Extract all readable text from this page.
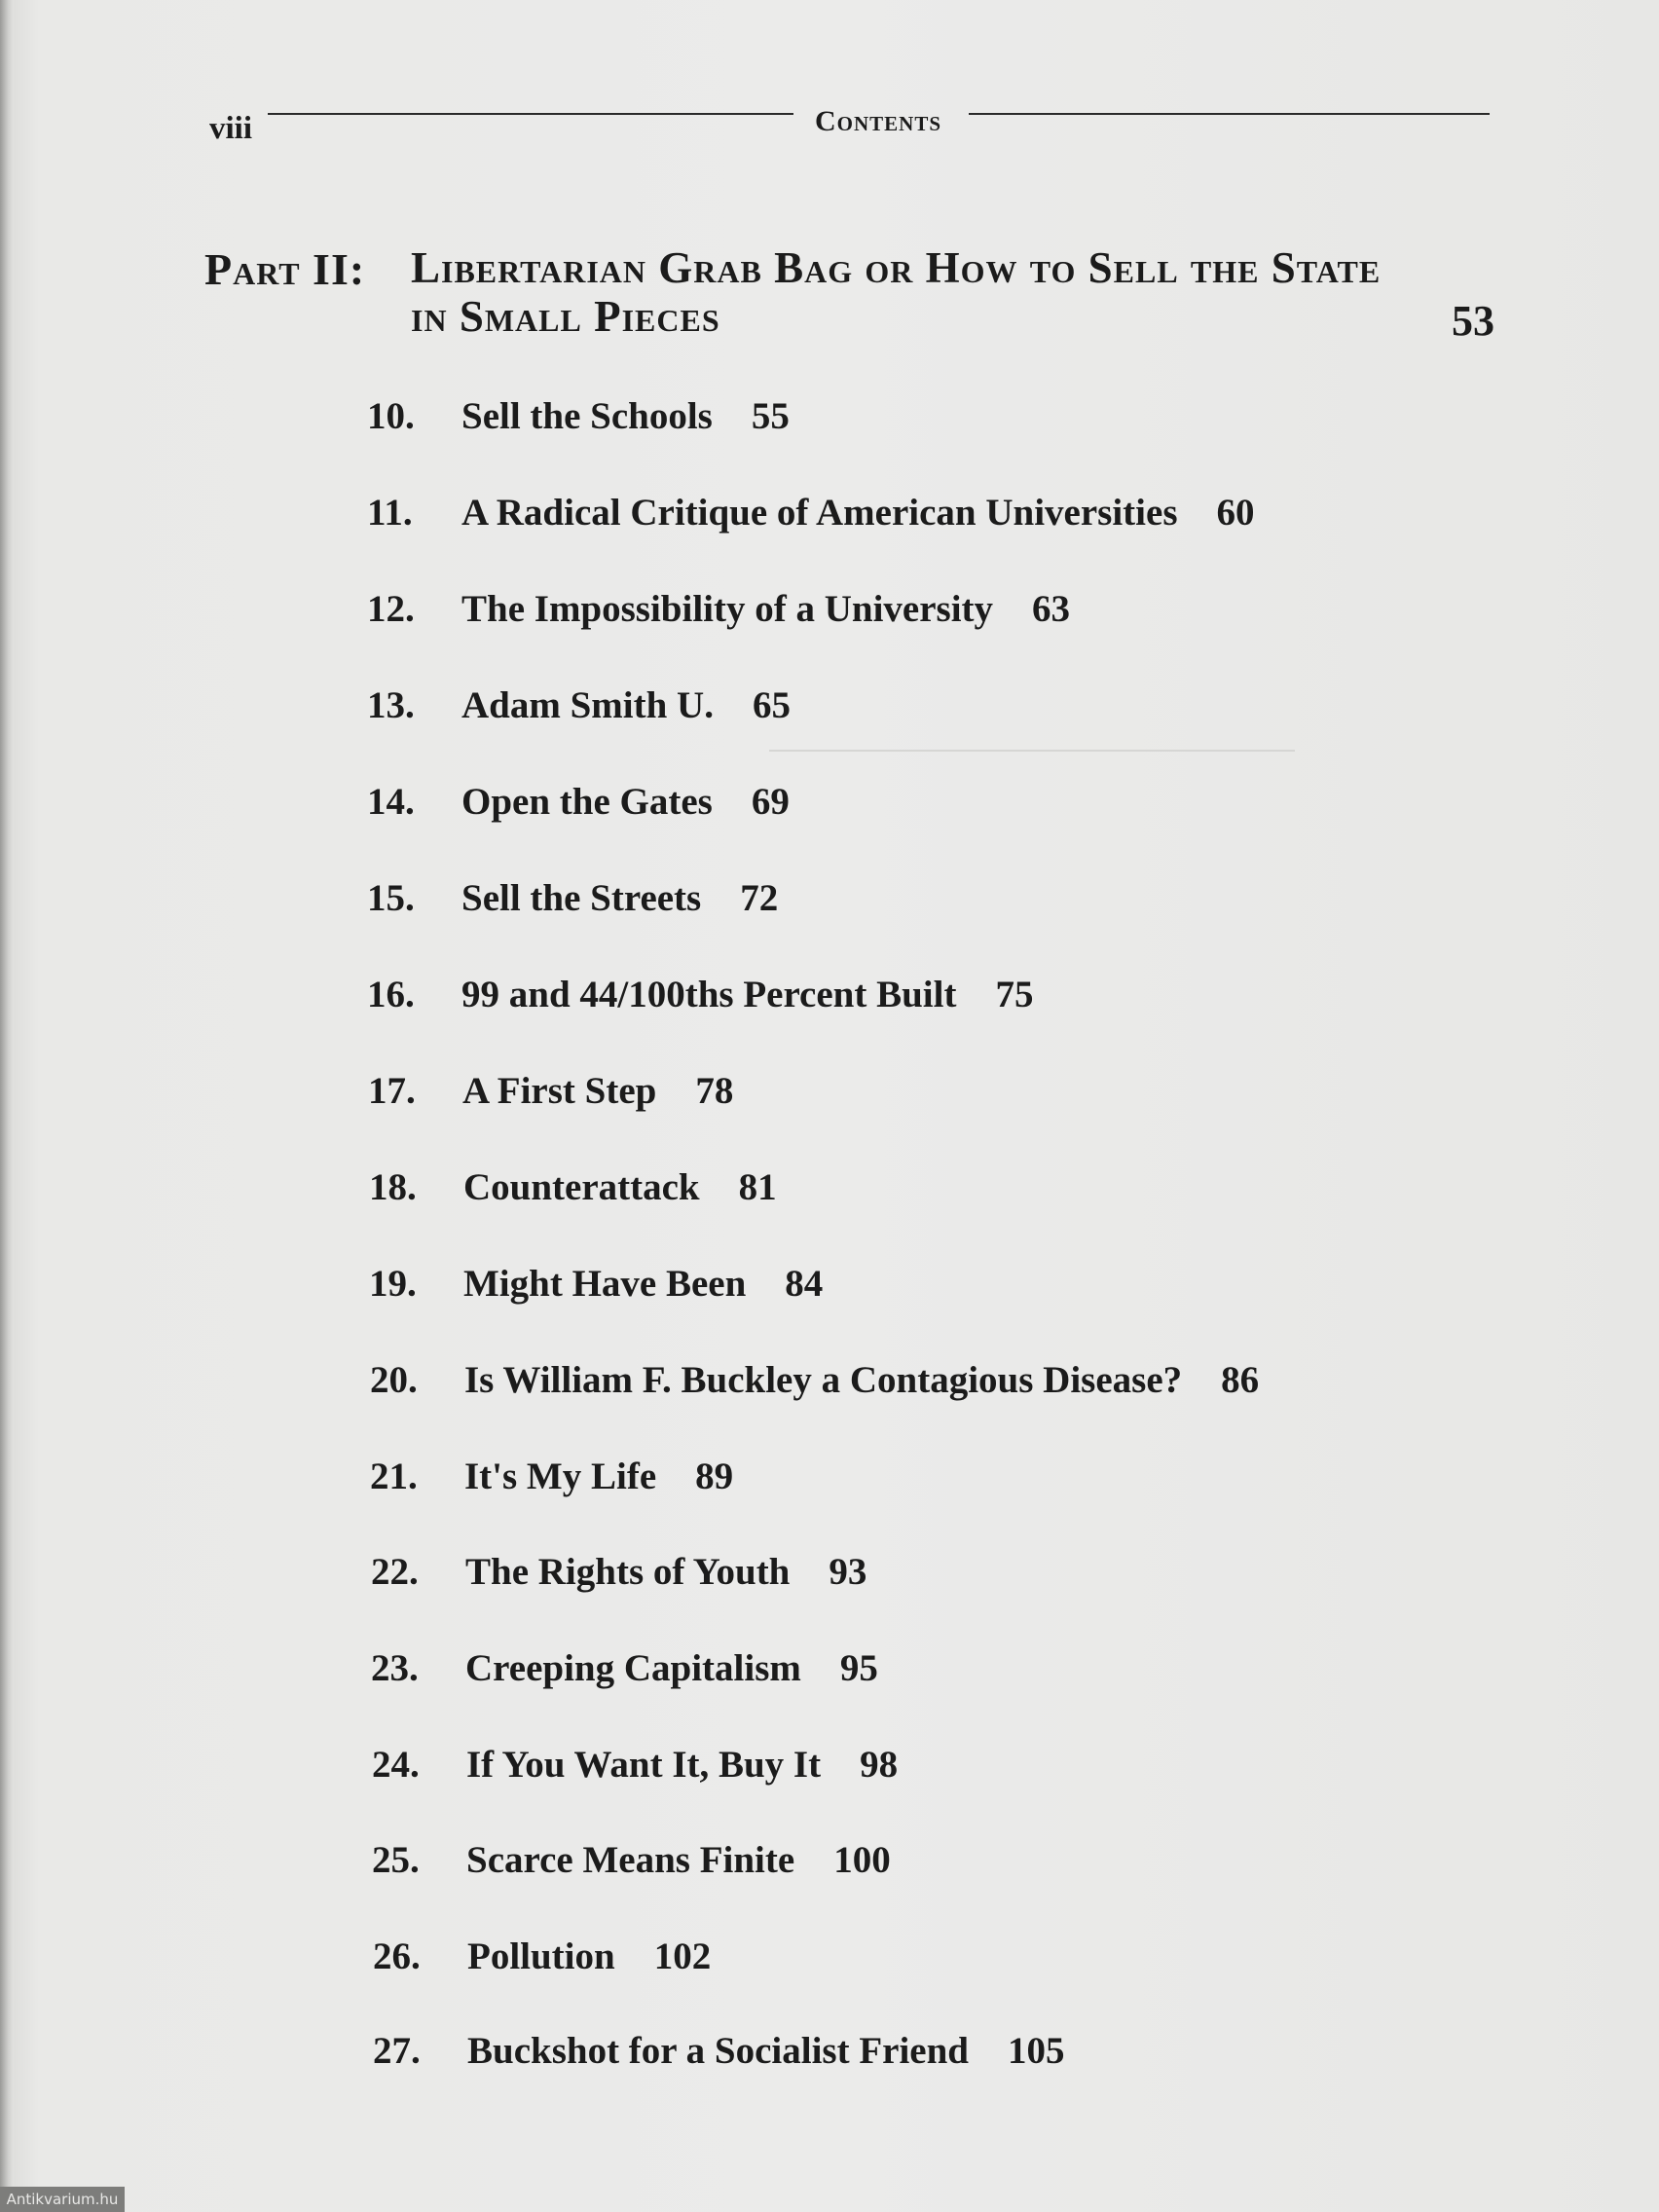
viii	Contents
Part II: Libertarian Grab Bag or How to Sell the State
in Small Pieces	53
10. Sell the Schools 55
11. A Radical Critique of American Universities 60
12. The Impossibility of a University 63
13. Adam Smith U. 65
14. Open the Gates 69
15. Sell the Streets 72
16. 99 and 44/100ths Percent Built 75
17. A First Step 78
18. Counterattack 81
19. Might Have Been 84
20. Is William F. Buckley a Contagious Disease? 86
21. It's My Life 89
22. The Rights of Youth 93
23. Creeping Capitalism 95
24. If You Want It, Buy It 98
25. Scarce Means Finite 100
26. Pollution 102
27. Buckshot for a Socialist Friend 105
Antikvarium.hu
